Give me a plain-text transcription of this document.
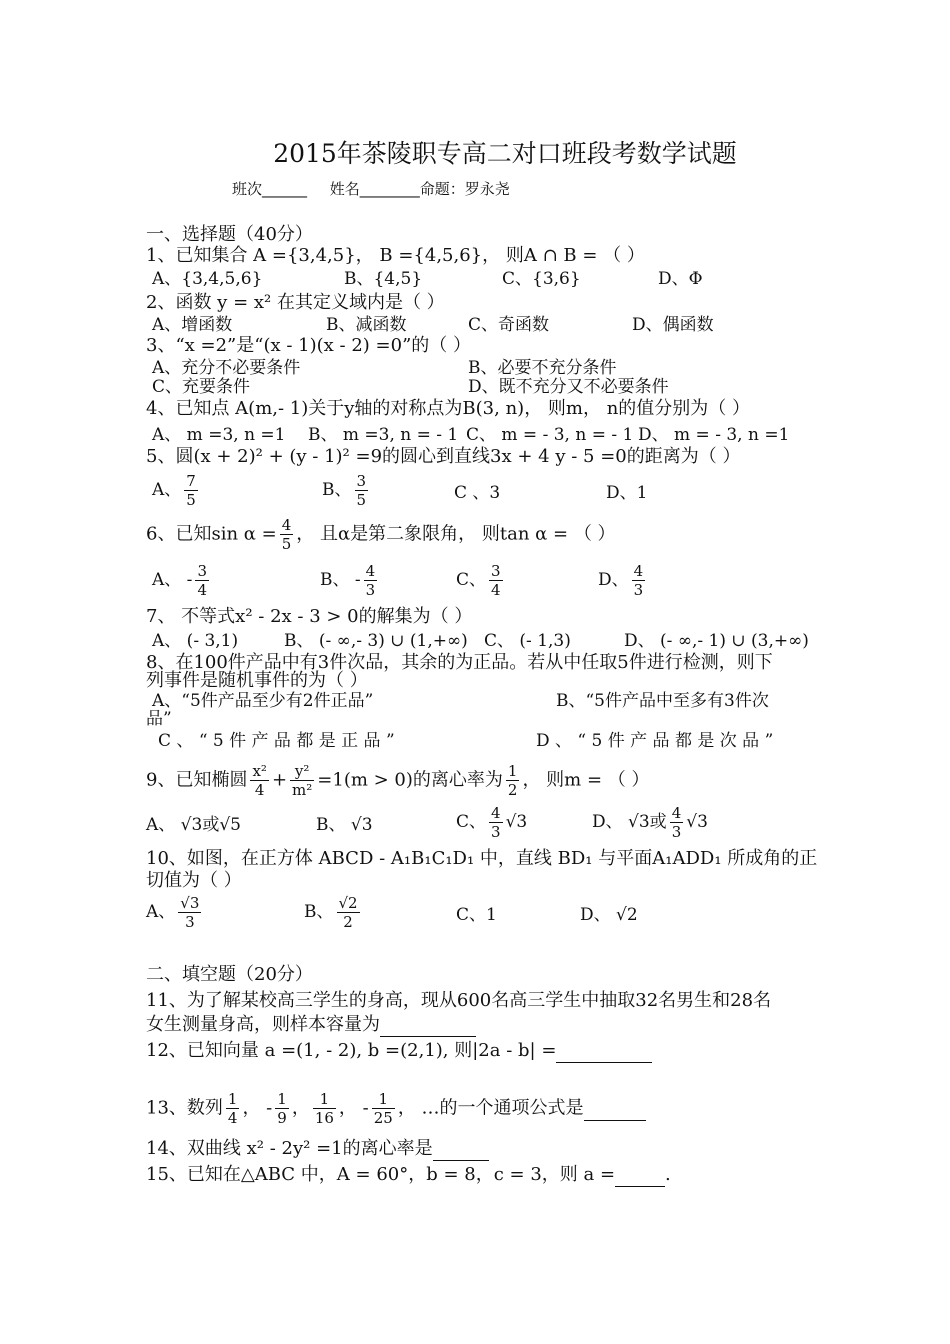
2015年茶陵职专高二对口班段考数学试题
班次______ 姓名________命题：罗永尧
一、选择题（40分）
1、已知集合 A ={3,4,5}， B ={4,5,6}， 则A ∩ B = （ ）
A、{3,4,5,6}	B、{4,5}	C、{3,6}	D、Φ
2、函数 y = x² 在其定义域内是（ ）
A、增函数	B、减函数	C、奇函数	D、偶函数
3、“x =2”是“(x - 1)(x - 2) =0”的（ ）
A、充分不必要条件	B、必要不充分条件
C、充要条件	D、既不充分又不必要条件
4、已知点 A(m,- 1)关于y轴的对称点为B(3, n)， 则m， n的值分别为（ ）
A、 m =3, n =1 B、 m =3, n = - 1 C、 m = - 3, n = - 1 D、 m = - 3, n =1
5、圆(x + 2)² + (y - 1)² =9的圆心到直线3x + 4 y - 5 =0的距离为（ ）
A、 $\frac{7}{5}$	B、 $\frac{3}{5}$	C 、3	D、1
6、已知$\sin \alpha = \frac{4}{5}$ ， 且α是第二象限角， 则tan α = （ ）
A、 - $\frac{3}{4}$	B、 - $\frac{4}{3}$	C、 $\frac{3}{4}$	D、 $\frac{4}{3}$
7、 不等式x² - 2x - 3 > 0的解集为（ ）
A、 (- 3,1)	B、 (- ∞,- 3) ∪ (1,+∞) C、 (- 1,3)	D、 (- ∞,- 1) ∪ (3,+∞)
8、在100件产品中有3件次品，其余的为正品。若从中任取5件进行检测，则下
列事件是随机事件的为（ ）
A、“5件产品至少有2件正品”	B、“5件产品中至多有3件次
品”
C 、 “ 5 件 产 品 都 是 正 品 ”	D 、 “ 5 件 产 品 都 是 次 品 ”
9、已知椭圆 $\frac{\text{x²}}{4} + \frac{\text{y²}}{\text{m²}} =1(m > 0)$的离心率为 $\frac{1}{2}$ ， 则m = （ ）
A、 √3或√5	B、 √3	C、 $\frac{4}{3} √3$	D、 √3或 $\frac{4}{3} √3$
10、如图，在正方体 ABCD - A₁B₁C₁D₁ 中，直线 BD₁ 与平面A₁ADD₁ 所成角的正
切值为（ ）
A、 $\frac{√3}{3}$	B、 $\frac{√2}{2}$	C、1	D、 √2
二、填空题（20分）
11、为了解某校高三学生的身高，现从600名高三学生中抽取32名男生和28名
女生测量身高，则样本容量为
12、已知向量 a =(1, - 2), b =(2,1), 则|2a - b| =
13、数列 $\frac{1}{4}$ ， - $\frac{1}{9}$ ， $\frac{1}{16}$ ， - $\frac{1}{25}$ ， …的一个通项公式是
14、双曲线 x² - 2y² =1的离心率是
15、已知在△ABC 中，A = 60°，b = 8，c = 3，则 a =	.
